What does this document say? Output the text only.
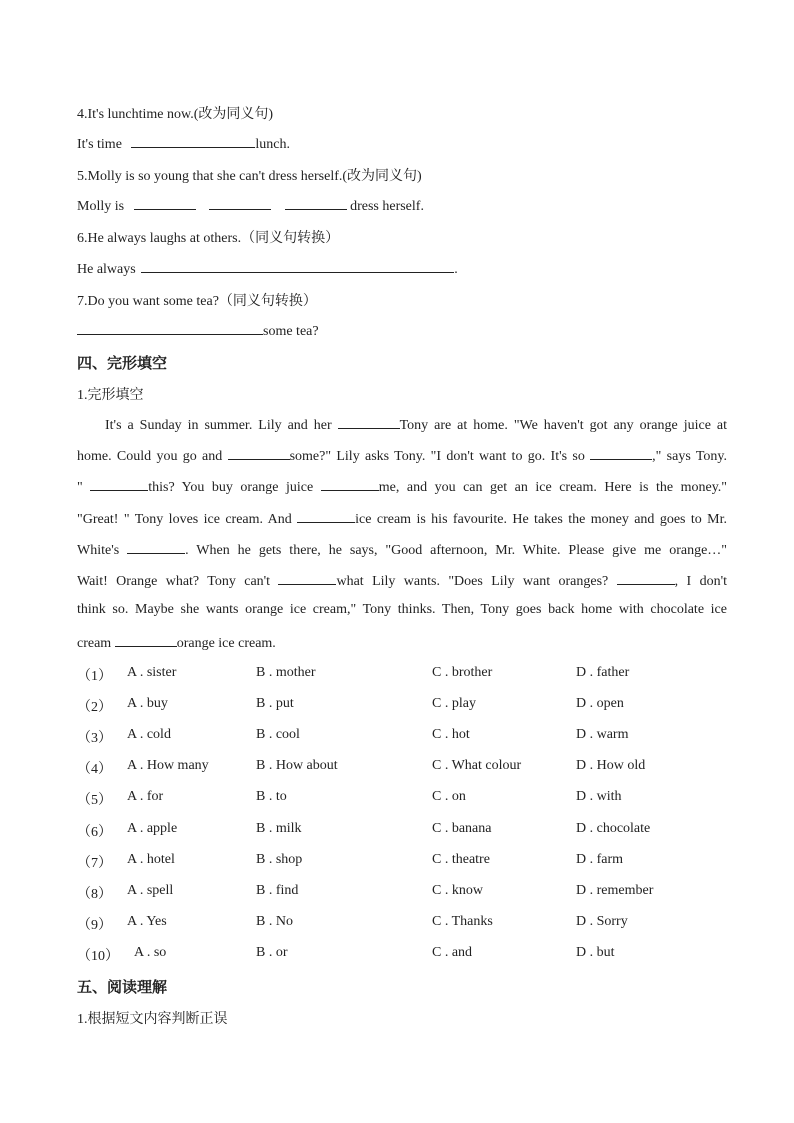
4.It's lunchtime now.(改为同义句)
It's time	lunch.
5.Molly is so young that she can't dress herself.(改为同义句)
Molly is	dress herself.
6.He always laughs at others.（同义句转换）
He always	.
7.Do you want some tea?（同义句转换）
some tea?
四、完形填空
1.完形填空
It's a Sunday in summer. Lily and her	Tony are at home. "We haven't got any orange juice at
home. Could you go and	some?" Lily asks Tony. "I don't want to go. It's so	," says Tony.
"	this? You buy orange juice	me, and you can get an ice cream. Here is the money."
"Great! " Tony loves ice cream. And	ice cream is his favourite. He takes the money and goes to Mr.
White's	. When he gets there, he says, "Good afternoon, Mr. White. Please give me orange…"
Wait! Orange what? Tony can't	what Lily wants. "Does Lily want oranges?	, I don't
think so. Maybe she wants orange ice cream," Tony thinks. Then, Tony goes back home with chocolate ice
cream	orange ice cream.
（1） A . sister	B . mother	C . brother	D . father
（2） A . buy	B . put	C . play	D . open
（3） A . cold	B . cool	C . hot	D . warm
（4） A . How many	B . How about	C . What colour	D . How old
（5） A . for	B . to	C . on	D . with
（6） A . apple	B . milk	C . banana	D . chocolate
（7） A . hotel	B . shop	C . theatre	D . farm
（8） A . spell	B . find	C . know	D . remember
（9） A . Yes	B . No	C . Thanks	D . Sorry
（10） A . so	B . or	C . and	D . but
五、阅读理解
1.根据短文内容判断正误
